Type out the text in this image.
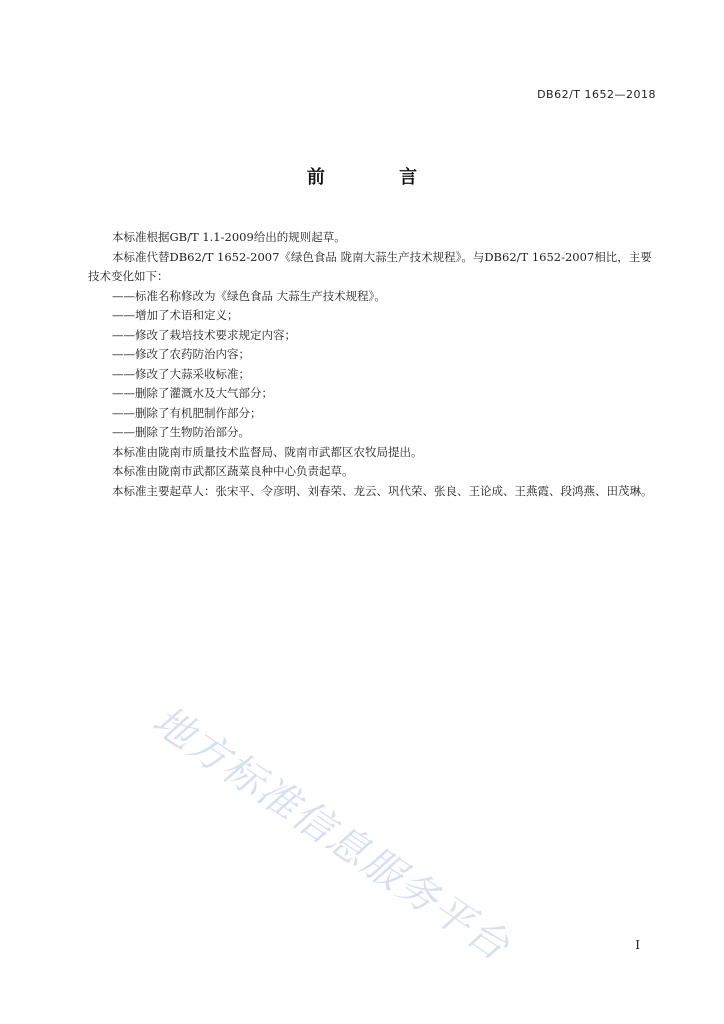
DB62/T 1652—2018
前 言

本标准根据GB/T 1.1-2009给出的规则起草。

本标准代替DB62/T 1652-2007《绿色食品 陇南大蒜生产技术规程》。与DB62/T 1652-2007相比，主要技术变化如下：

——标准名称修改为《绿色食品 大蒜生产技术规程》。

——增加了术语和定义；

——修改了栽培技术要求规定内容；

——修改了农药防治内容；

——修改了大蒜采收标准；

——删除了灌溉水及大气部分；

——删除了有机肥制作部分；

——删除了生物防治部分。

本标准由陇南市质量技术监督局、陇南市武都区农牧局提出。

本标准由陇南市武都区蔬菜良种中心负责起草。

本标准主要起草人：张宋平、令彦明、刘春荣、龙云、巩代荣、张良、王论成、王燕霞、段鸿燕、田茂琳。

地方标准信息服务平台	I
